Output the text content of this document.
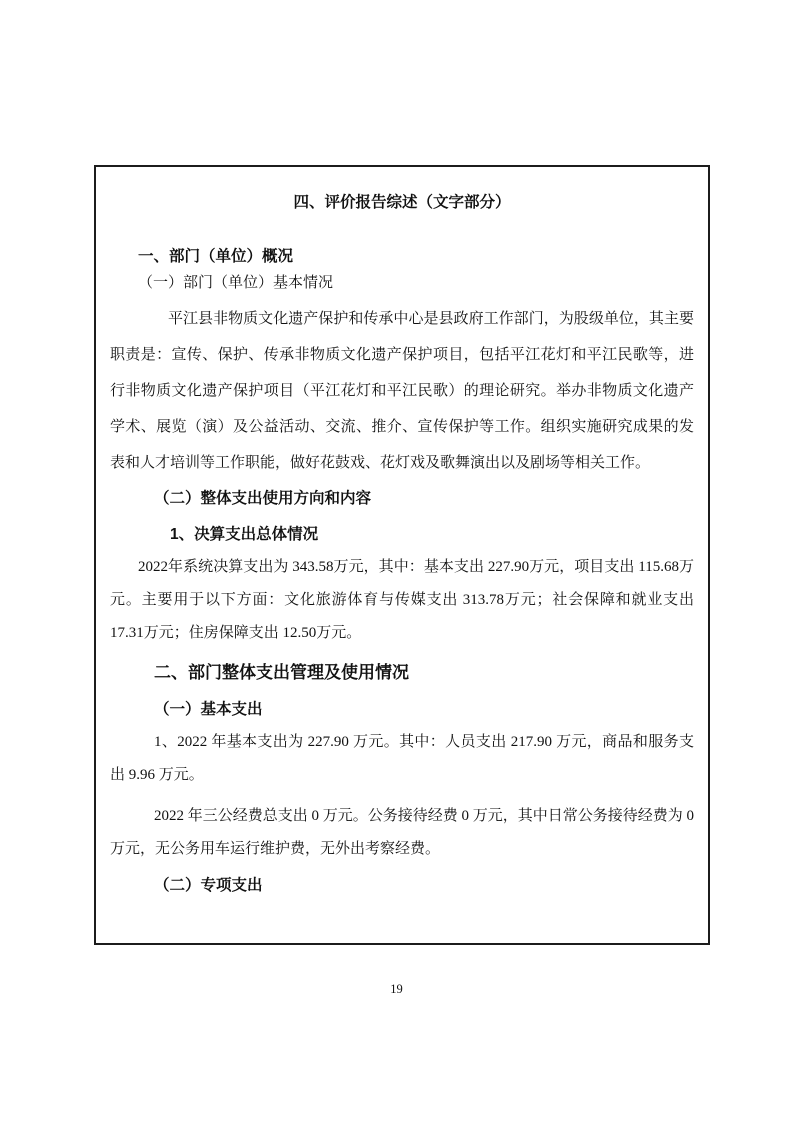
四、评价报告综述（文字部分）
一、部门（单位）概况
（一）部门（单位）基本情况

平江县非物质文化遗产保护和传承中心是县政府工作部门，为股级单位，其主要职责是：宣传、保护、传承非物质文化遗产保护项目，包括平江花灯和平江民歌等，进行非物质文化遗产保护项目（平江花灯和平江民歌）的理论研究。举办非物质文化遗产学术、展览（演）及公益活动、交流、推介、宣传保护等工作。组织实施研究成果的发表和人才培训等工作职能，做好花鼓戏、花灯戏及歌舞演出以及剧场等相关工作。

（二）整体支出使用方向和内容
1、决算支出总体情况

2022年系统决算支出为 343.58万元，其中：基本支出 227.90万元，项目支出 115.68万元。主要用于以下方面：文化旅游体育与传媒支出 313.78万元；社会保障和就业支出 17.31万元；住房保障支出 12.50万元。

二、部门整体支出管理及使用情况
（一）基本支出

1、2022 年基本支出为 227.90 万元。其中：人员支出 217.90 万元，商品和服务支出 9.96 万元。

2022 年三公经费总支出 0 万元。公务接待经费 0 万元，其中日常公务接待经费为 0 万元，无公务用车运行维护费，无外出考察经费。

（二）专项支出
19
